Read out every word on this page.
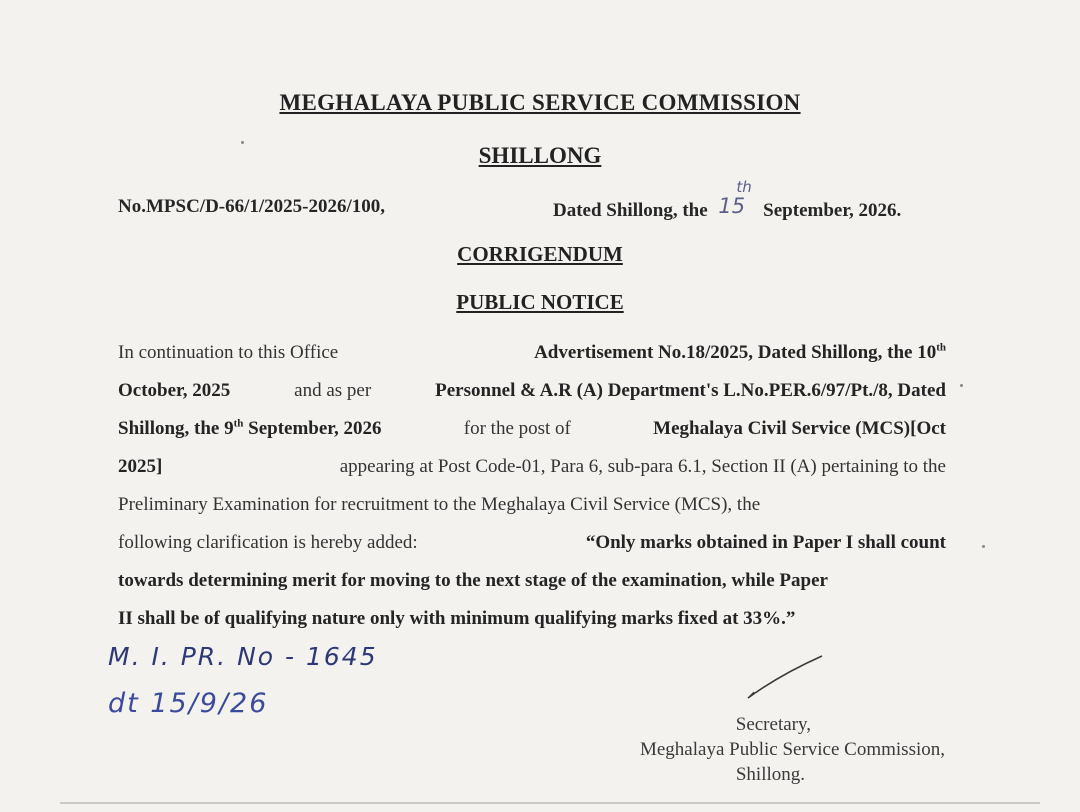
MEGHALAYA PUBLIC SERVICE COMMISSION
SHILLONG
No.MPSC/D-66/1/2025-2026/100,	Dated Shillong, the 15
th
September, 2026.
CORRIGENDUM
PUBLIC NOTICE
In continuation to this Office	Advertisement No.18/2025, Dated Shillong, the 10th
October, 2025	and as per	Personnel & A.R (A) Department's L.No.PER.6/97/Pt./8, Dated
Shillong, the 9th September, 2026	for the post of	Meghalaya Civil Service (MCS)[Oct
2025]	appearing at Post Code-01, Para 6, sub-para 6.1, Section II (A) pertaining to the
Preliminary Examination for recruitment to the Meghalaya Civil Service (MCS), the
following clarification is hereby added:	“Only marks obtained in Paper I shall count
towards determining merit for moving to the next stage of the examination, while Paper
II shall be of qualifying nature only with minimum qualifying marks fixed at 33%.”
M. I. PR. No - 1645
dt 15/9/26
Secretary,
Meghalaya Public Service Commission,
Shillong.
